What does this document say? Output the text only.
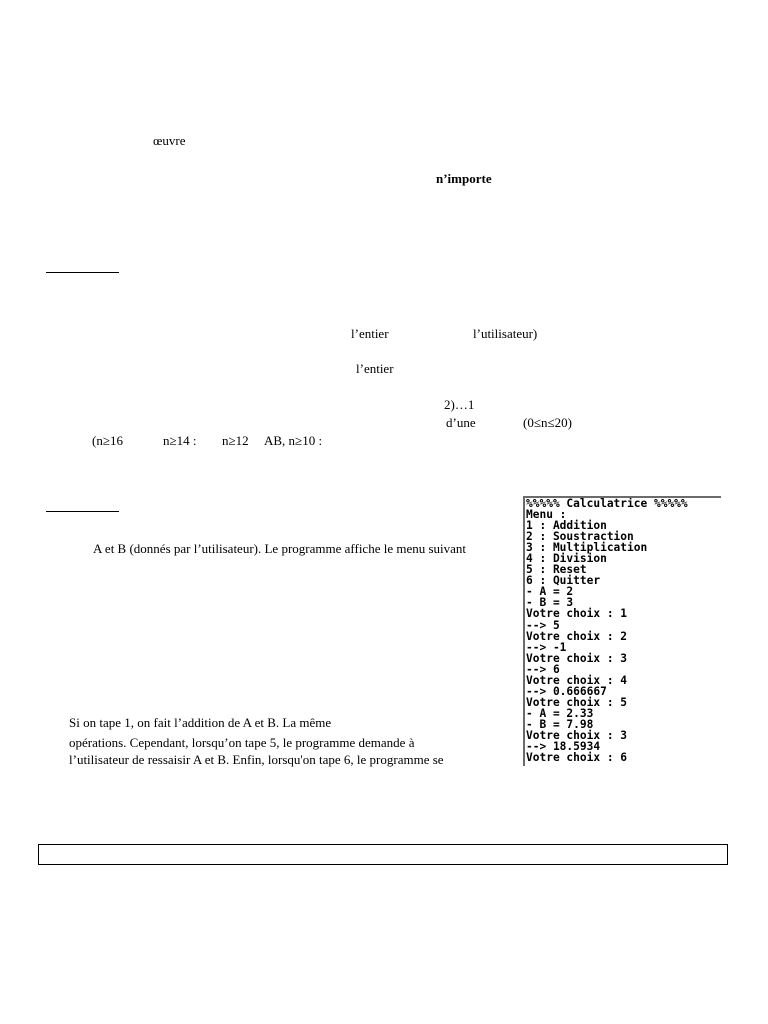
œuvre
n’importe
l’entier	l’utilisateur)
l’entier
2)…1
d’une	(0≤n≤20)
(n≥16	n≥14 : n≥12 AB, n≥10 :
A et B (donnés par l’utilisateur). Le programme affiche le menu suivant
Si on tape 1, on fait l’addition de A et B. La même
opérations. Cependant, lorsqu’on tape 5, le programme demande à
l’utilisateur de ressaisir A et B. Enfin, lorsqu'on tape 6, le programme se
%%%%% Calculatrice %%%%%
Menu :
1 : Addition
2 : Soustraction
3 : Multiplication
4 : Division
5 : Reset
6 : Quitter
- A = 2
- B = 3
Votre choix : 1
--> 5
Votre choix : 2
--> -1
Votre choix : 3
--> 6
Votre choix : 4
--> 0.666667
Votre choix : 5
- A = 2.33
- B = 7.98
Votre choix : 3
--> 18.5934
Votre choix : 6
